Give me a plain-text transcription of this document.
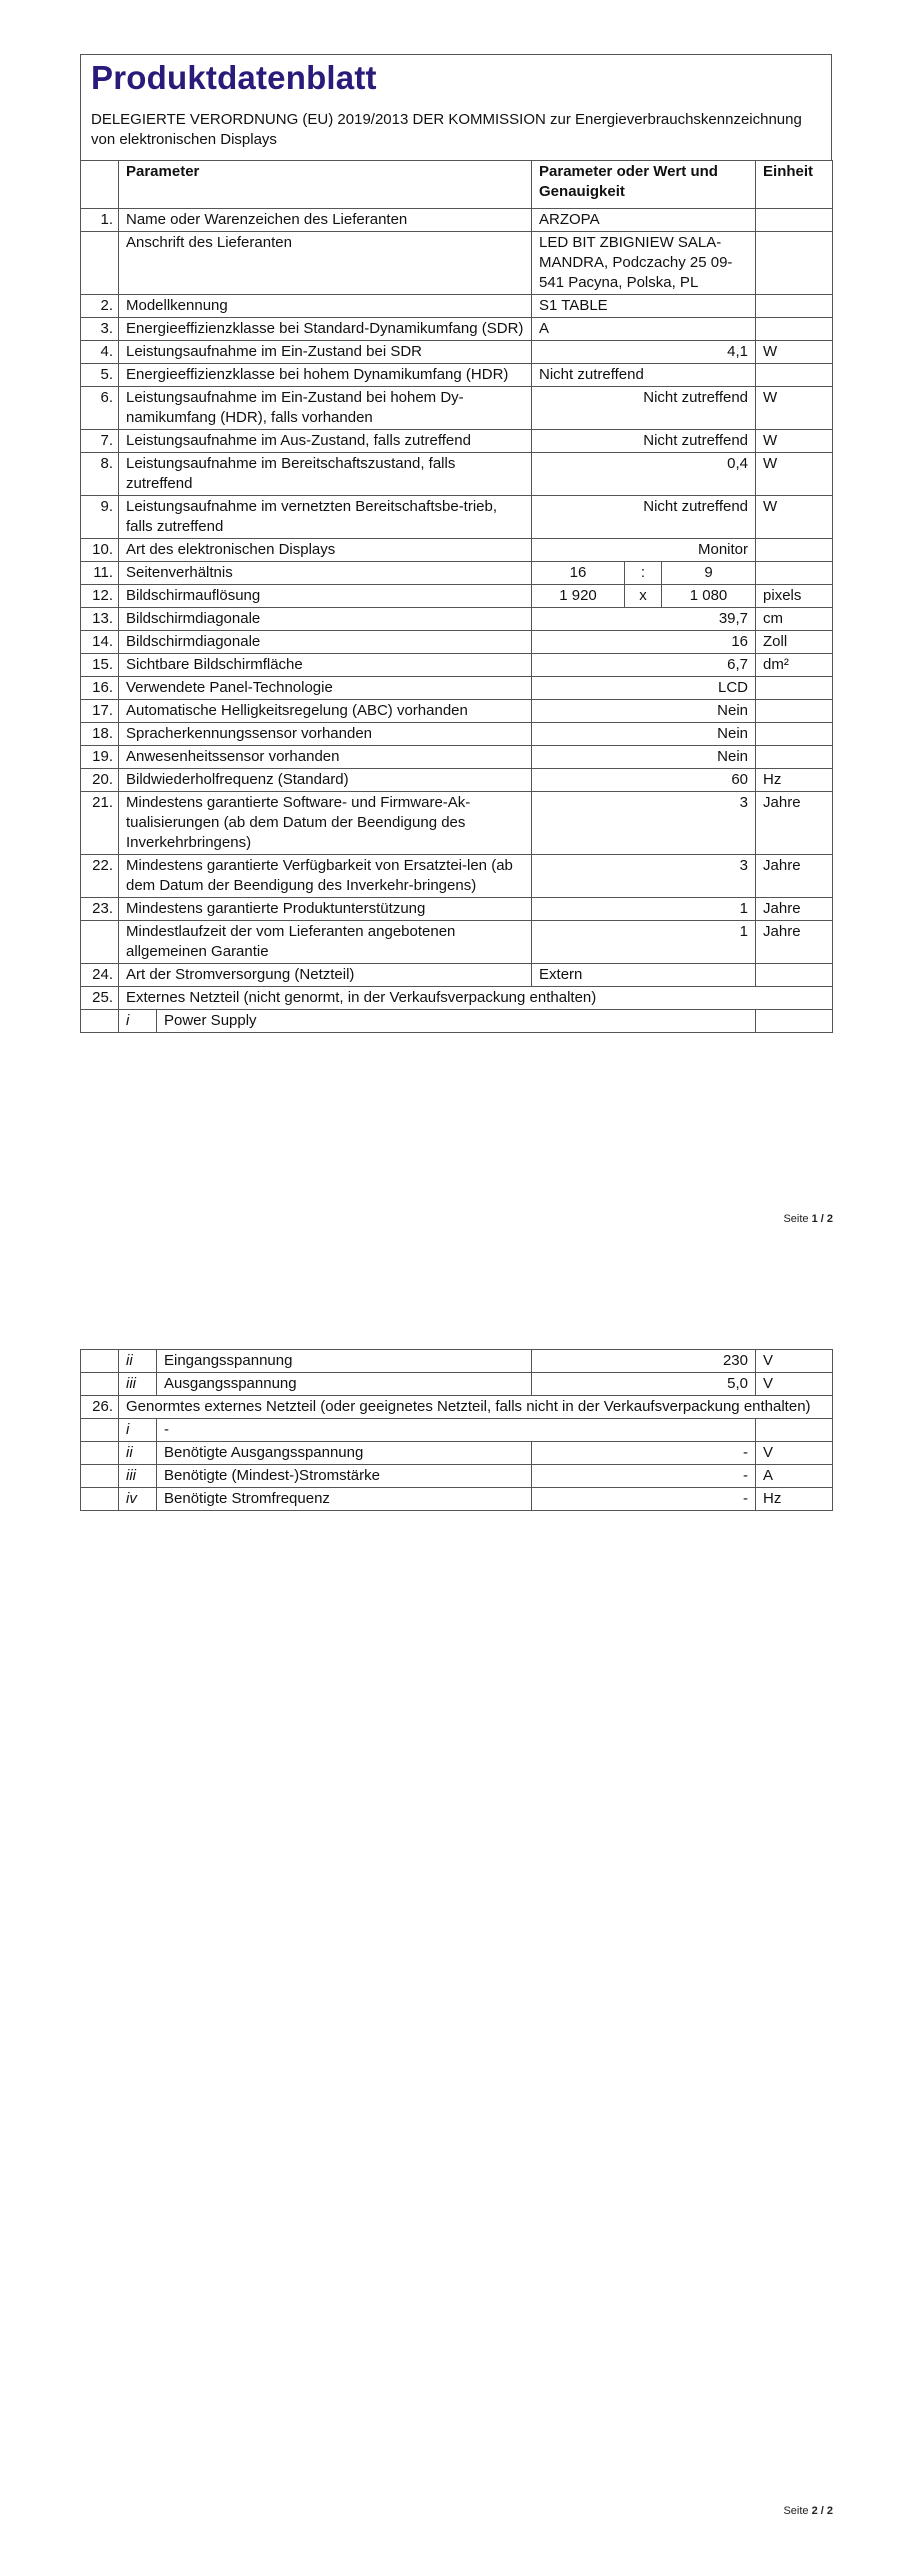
Produktdatenblatt
DELEGIERTE VERORDNUNG (EU) 2019/2013 DER KOMMISSION zur Energieverbrauchskennzeichnung von elektronischen Displays
	Parameter		Parameter oder Wert und Genauigkeit			Einheit
1.	Name oder Warenzeichen des Lieferanten		ARZOPA			
	Anschrift des Lieferanten		LED BIT ZBIGNIEW SALA-MANDRA, Podczachy 25 09-541 Pacyna, Polska, PL			
2.	Modellkennung		S1 TABLE			
3.	Energieeffizienzklasse bei Standard-Dynamikumfang (SDR)		A			
4.	Leistungsaufnahme im Ein-Zustand bei SDR		4,1			W
5.	Energieeffizienzklasse bei hohem Dynamikumfang (HDR)		Nicht zutreffend			
6.	Leistungsaufnahme im Ein-Zustand bei hohem Dy-namikumfang (HDR), falls vorhanden		Nicht zutreffend			W
7.	Leistungsaufnahme im Aus-Zustand, falls zutreffend		Nicht zutreffend			W
8.	Leistungsaufnahme im Bereitschaftszustand, falls zutreffend		0,4			W
9.	Leistungsaufnahme im vernetzten Bereitschaftsbe-trieb, falls zutreffend		Nicht zutreffend			W
10.	Art des elektronischen Displays		Monitor			
11.	Seitenverhältnis		16	:	9	
12.	Bildschirmauflösung		1 920	x	1 080	pixels
13.	Bildschirmdiagonale		39,7			cm
14.	Bildschirmdiagonale		16			Zoll
15.	Sichtbare Bildschirmfläche		6,7			dm²
16.	Verwendete Panel-Technologie		LCD			
17.	Automatische Helligkeitsregelung (ABC) vorhanden		Nein			
18.	Spracherkennungssensor vorhanden		Nein			
19.	Anwesenheitssensor vorhanden		Nein			
20.	Bildwiederholfrequenz (Standard)		60			Hz
21.	Mindestens garantierte Software- und Firmware-Ak-tualisierungen (ab dem Datum der Beendigung des Inverkehrbringens)		3			Jahre
22.	Mindestens garantierte Verfügbarkeit von Ersatztei-len (ab dem Datum der Beendigung des Inverkehr-bringens)		3			Jahre
23.	Mindestens garantierte Produktunterstützung		1			Jahre
	Mindestlaufzeit der vom Lieferanten angebotenen allgemeinen Garantie		1			Jahre
24.	Art der Stromversorgung (Netzteil)		Extern			
25.	Externes Netzteil (nicht genormt, in der Verkaufsverpackung enthalten)					
	i	Power Supply				
Seite 1 / 2
Seite 2 / 2
	ii	Eingangsspannung	230	V
	iii	Ausgangsspannung	5,0	V
26.	Genormtes externes Netzteil (oder geeignetes Netzteil, falls nicht in der Verkaufsverpackung enthalten)			
	i	-		
	ii	Benötigte Ausgangsspannung	-	V
	iii	Benötigte (Mindest-)Stromstärke	-	A
	iv	Benötigte Stromfrequenz	-	Hz
